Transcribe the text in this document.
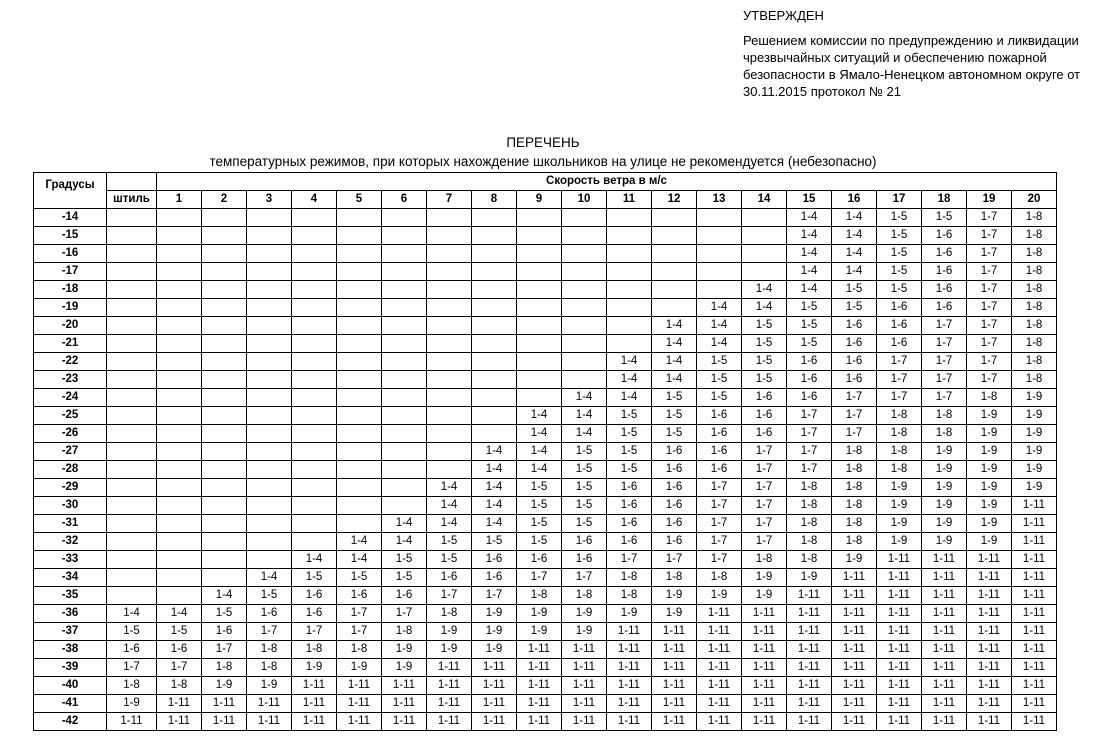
УТВЕРЖДЕН

Решением комиссии по предупреждению и ликвидации чрезвычайных ситуаций и обеспечению пожарной безопасности в Ямало-Ненецком автономном округе от 30.11.2015 протокол № 21

ПЕРЕЧЕНЬ
температурных режимов, при которых нахождение школьников на улице не рекомендуется (небезопасно)
Градусы		Скорость ветра в м/с																			
	штиль	1	2	3	4	5	6	7	8	9	10	11	12	13	14	15	16	17	18	19	20
-14																1-4	1-4	1-5	1-5	1-7	1-8
-15																1-4	1-4	1-5	1-6	1-7	1-8
-16																1-4	1-4	1-5	1-6	1-7	1-8
-17																1-4	1-4	1-5	1-6	1-7	1-8
-18															1-4	1-4	1-5	1-5	1-6	1-7	1-8
-19														1-4	1-4	1-5	1-5	1-6	1-6	1-7	1-8
-20													1-4	1-4	1-5	1-5	1-6	1-6	1-7	1-7	1-8
-21													1-4	1-4	1-5	1-5	1-6	1-6	1-7	1-7	1-8
-22												1-4	1-4	1-5	1-5	1-6	1-6	1-7	1-7	1-7	1-8
-23												1-4	1-4	1-5	1-5	1-6	1-6	1-7	1-7	1-7	1-8
-24											1-4	1-4	1-5	1-5	1-6	1-6	1-7	1-7	1-7	1-8	1-9
-25										1-4	1-4	1-5	1-5	1-6	1-6	1-7	1-7	1-8	1-8	1-9	1-9
-26										1-4	1-4	1-5	1-5	1-6	1-6	1-7	1-7	1-8	1-8	1-9	1-9
-27									1-4	1-4	1-5	1-5	1-6	1-6	1-7	1-7	1-8	1-8	1-9	1-9	1-9
-28									1-4	1-4	1-5	1-5	1-6	1-6	1-7	1-7	1-8	1-8	1-9	1-9	1-9
-29								1-4	1-4	1-5	1-5	1-6	1-6	1-7	1-7	1-8	1-8	1-9	1-9	1-9	1-9
-30								1-4	1-4	1-5	1-5	1-6	1-6	1-7	1-7	1-8	1-8	1-9	1-9	1-9	1-11
-31							1-4	1-4	1-4	1-5	1-5	1-6	1-6	1-7	1-7	1-8	1-8	1-9	1-9	1-9	1-11
-32						1-4	1-4	1-5	1-5	1-5	1-6	1-6	1-6	1-7	1-7	1-8	1-8	1-9	1-9	1-9	1-11
-33					1-4	1-4	1-5	1-5	1-6	1-6	1-6	1-7	1-7	1-7	1-8	1-8	1-9	1-11	1-11	1-11	1-11
-34				1-4	1-5	1-5	1-5	1-6	1-6	1-7	1-7	1-8	1-8	1-8	1-9	1-9	1-11	1-11	1-11	1-11	1-11
-35			1-4	1-5	1-6	1-6	1-6	1-7	1-7	1-8	1-8	1-8	1-9	1-9	1-9	1-11	1-11	1-11	1-11	1-11	1-11
-36	1-4	1-4	1-5	1-6	1-6	1-7	1-7	1-8	1-9	1-9	1-9	1-9	1-9	1-11	1-11	1-11	1-11	1-11	1-11	1-11	1-11
-37	1-5	1-5	1-6	1-7	1-7	1-7	1-8	1-9	1-9	1-9	1-9	1-11	1-11	1-11	1-11	1-11	1-11	1-11	1-11	1-11	1-11
-38	1-6	1-6	1-7	1-8	1-8	1-8	1-9	1-9	1-9	1-11	1-11	1-11	1-11	1-11	1-11	1-11	1-11	1-11	1-11	1-11	1-11
-39	1-7	1-7	1-8	1-8	1-9	1-9	1-9	1-11	1-11	1-11	1-11	1-11	1-11	1-11	1-11	1-11	1-11	1-11	1-11	1-11	1-11
-40	1-8	1-8	1-9	1-9	1-11	1-11	1-11	1-11	1-11	1-11	1-11	1-11	1-11	1-11	1-11	1-11	1-11	1-11	1-11	1-11	1-11
-41	1-9	1-11	1-11	1-11	1-11	1-11	1-11	1-11	1-11	1-11	1-11	1-11	1-11	1-11	1-11	1-11	1-11	1-11	1-11	1-11	1-11
-42	1-11	1-11	1-11	1-11	1-11	1-11	1-11	1-11	1-11	1-11	1-11	1-11	1-11	1-11	1-11	1-11	1-11	1-11	1-11	1-11	1-11
